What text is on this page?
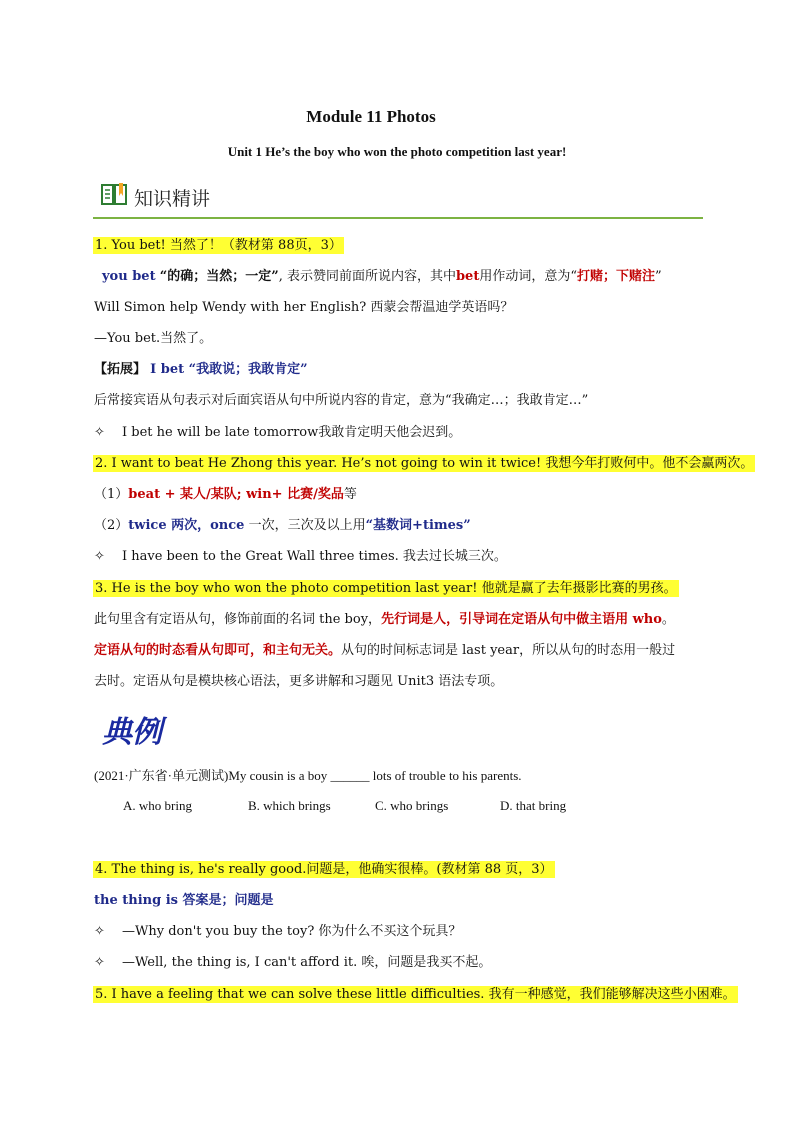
Module 11 Photos
Unit 1 He’s the boy who won the photo competition last year!
知识精讲
1. You bet! 当然了！（教材第 88页，3）
you bet “的确；当然；一定”, 表示赞同前面所说内容，其中bet用作动词，意为“打赌；下赌注”
Will Simon help Wendy with her English? 西蒙会帮温迪学英语吗？
—You bet.当然了。
【拓展】 I bet “我敢说；我敢肯定”
后常接宾语从句表示对后面宾语从句中所说内容的肯定，意为“我确定…；我敢肯定…”
✧ I bet he will be late tomorrow我敢肯定明天他会迟到。
2. I want to beat He Zhong this year. He’s not going to win it twice! 我想今年打败何中。他不会赢两次。
（1）beat + 某人/某队; win+ 比赛/奖品等
（2）twice 两次，once 一次，三次及以上用“基数词+times”
✧ I have been to the Great Wall three times. 我去过长城三次。
3. He is the boy who won the photo competition last year! 他就是赢了去年摄影比赛的男孩。
此句里含有定语从句，修饰前面的名词 the boy，先行词是人，引导词在定语从句中做主语用 who。
定语从句的时态看从句即可，和主句无关。从句的时间标志词是 last year，所以从句的时态用一般过
去时。定语从句是模块核心语法，更多讲解和习题见 Unit3 语法专项。
典例
(2021·广东省·单元测试)My cousin is a boy ______ lots of trouble to his parents.
A. who bring	B. which brings	C. who brings	D. that bring
4. The thing is, he's really good.问题是，他确实很棒。(教材第 88 页，3）
the thing is 答案是；问题是
✧ —Why don't you buy the toy? 你为什么不买这个玩具？
✧ —Well, the thing is, I can't afford it. 唉，问题是我买不起。
5. I have a feeling that we can solve these little difficulties. 我有一种感觉，我们能够解决这些小困难。
